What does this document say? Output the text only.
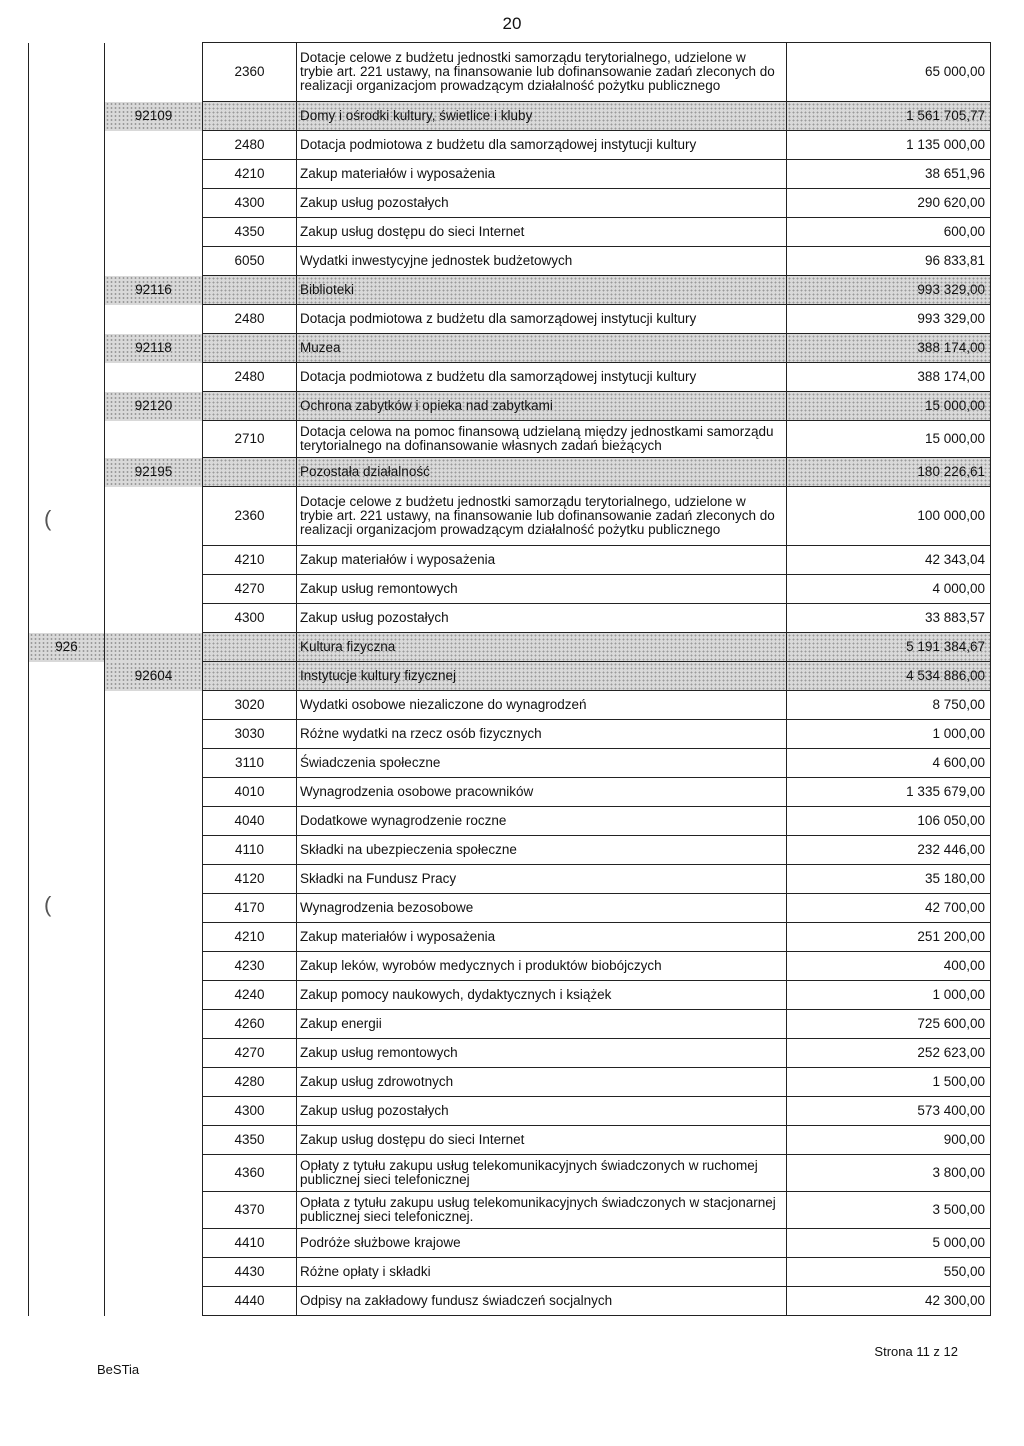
20
		2360	Dotacje celowe z budżetu jednostki samorządu terytorialnego, udzielone w trybie art. 221 ustawy, na finansowanie lub dofinansowanie zadań zleconych do realizacji organizacjom prowadzącym działalność pożytku publicznego	65 000,00
	92109		Domy i ośrodki kultury, świetlice i kluby	1 561 705,77
		2480	Dotacja podmiotowa z budżetu dla samorządowej instytucji kultury	1 135 000,00
		4210	Zakup materiałów i wyposażenia	38 651,96
		4300	Zakup usług pozostałych	290 620,00
		4350	Zakup usług dostępu do sieci Internet	600,00
		6050	Wydatki inwestycyjne jednostek budżetowych	96 833,81
	92116		Biblioteki	993 329,00
		2480	Dotacja podmiotowa z budżetu dla samorządowej instytucji kultury	993 329,00
	92118		Muzea	388 174,00
		2480	Dotacja podmiotowa z budżetu dla samorządowej instytucji kultury	388 174,00
	92120		Ochrona zabytków i opieka nad zabytkami	15 000,00
		2710	Dotacja celowa na pomoc finansową udzielaną między jednostkami samorządu terytorialnego na dofinansowanie własnych zadań bieżących	15 000,00
	92195		Pozostała działalność	180 226,61
		2360	Dotacje celowe z budżetu jednostki samorządu terytorialnego, udzielone w trybie art. 221 ustawy, na finansowanie lub dofinansowanie zadań zleconych do realizacji organizacjom prowadzącym działalność pożytku publicznego	100 000,00
		4210	Zakup materiałów i wyposażenia	42 343,04
		4270	Zakup usług remontowych	4 000,00
		4300	Zakup usług pozostałych	33 883,57
926			Kultura fizyczna	5 191 384,67
	92604		Instytucje kultury fizycznej	4 534 886,00
		3020	Wydatki osobowe niezaliczone do wynagrodzeń	8 750,00
		3030	Różne wydatki na rzecz osób fizycznych	1 000,00
		3110	Świadczenia społeczne	4 600,00
		4010	Wynagrodzenia osobowe pracowników	1 335 679,00
		4040	Dodatkowe wynagrodzenie roczne	106 050,00
		4110	Składki na ubezpieczenia społeczne	232 446,00
		4120	Składki na Fundusz Pracy	35 180,00
		4170	Wynagrodzenia bezosobowe	42 700,00
		4210	Zakup materiałów i wyposażenia	251 200,00
		4230	Zakup leków, wyrobów medycznych i produktów biobójczych	400,00
		4240	Zakup pomocy naukowych, dydaktycznych i książek	1 000,00
		4260	Zakup energii	725 600,00
		4270	Zakup usług remontowych	252 623,00
		4280	Zakup usług zdrowotnych	1 500,00
		4300	Zakup usług pozostałych	573 400,00
		4350	Zakup usług dostępu do sieci Internet	900,00
		4360	Opłaty z tytułu zakupu usług telekomunikacyjnych świadczonych w ruchomej publicznej sieci telefonicznej	3 800,00
		4370	Opłata z tytułu zakupu usług telekomunikacyjnych świadczonych w stacjonarnej publicznej sieci telefonicznej.	3 500,00
		4410	Podróże służbowe krajowe	5 000,00
		4430	Różne opłaty i składki	550,00
		4440	Odpisy na zakładowy fundusz świadczeń socjalnych	42 300,00
BeSTia
Strona 11 z 12
(
(
